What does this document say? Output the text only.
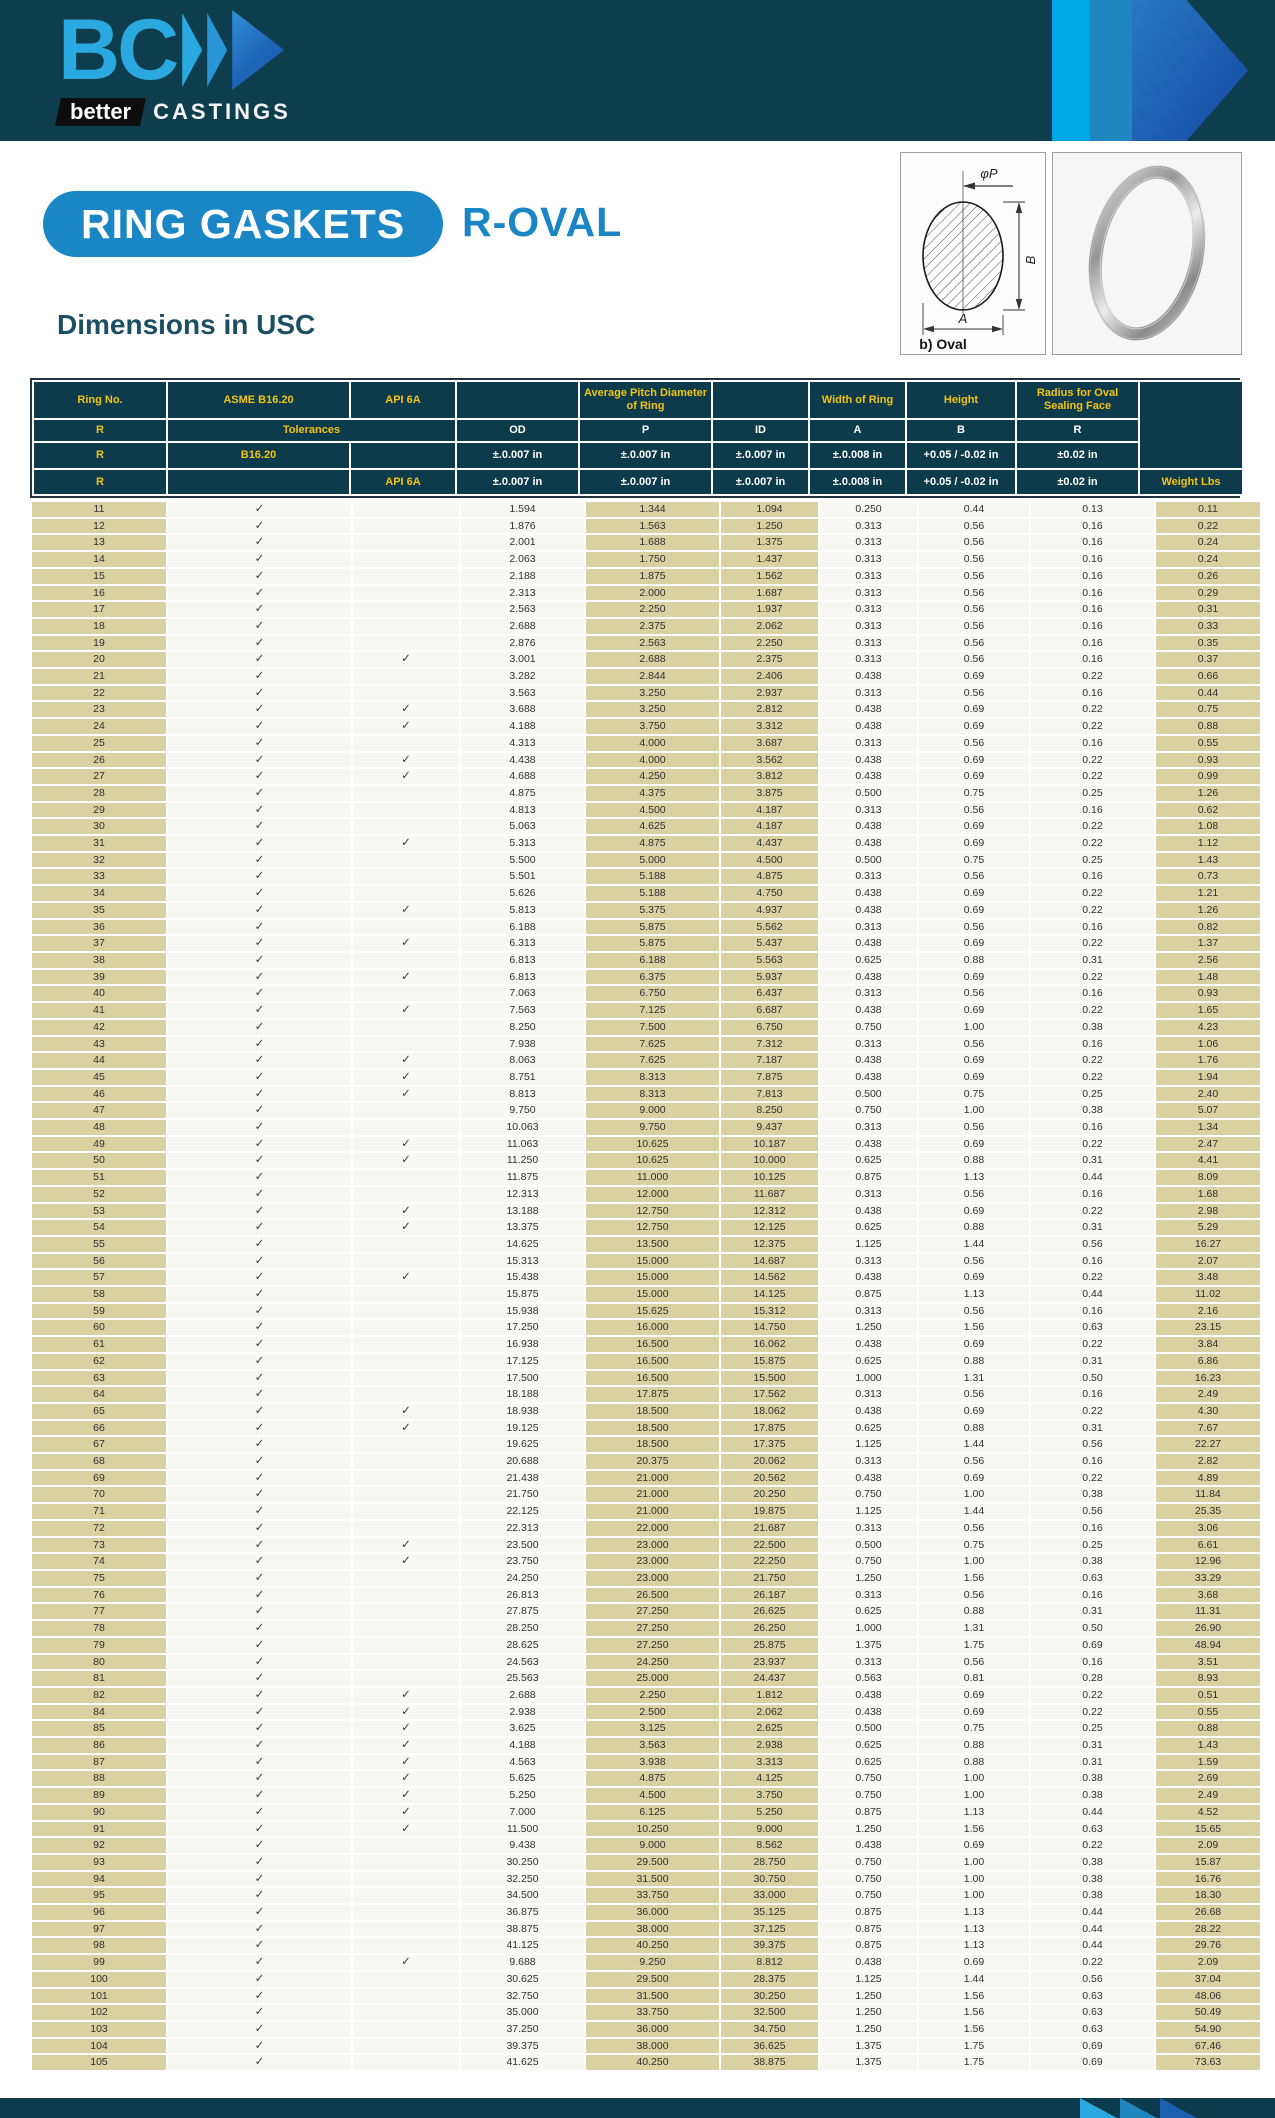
BC
better	CASTINGS
RING GASKETS	R-OVAL
Dimensions in USC
φP
B
A
b) Oval
Ring No.	ASME B16.20	API 6A		Average Pitch Diameter of Ring		Width of Ring	Height	Radius for Oval Sealing Face	
R	Tolerances		OD	P	ID	A	B	R	
R	B16.20		±.0.007 in	±.0.007 in	±.0.007 in	±.0.008 in	+0.05 / -0.02 in	±0.02 in	
R		API 6A	±.0.007 in	±.0.007 in	±.0.007 in	±.0.008 in	+0.05 / -0.02 in	±0.02 in	Weight Lbs
11	✓		1.594	1.344	1.094	0.250	0.44	0.13	0.11
12	✓		1.876	1.563	1.250	0.313	0.56	0.16	0.22
13	✓		2.001	1.688	1.375	0.313	0.56	0.16	0.24
14	✓		2.063	1.750	1.437	0.313	0.56	0.16	0.24
15	✓		2.188	1.875	1.562	0.313	0.56	0.16	0.26
16	✓		2.313	2.000	1.687	0.313	0.56	0.16	0.29
17	✓		2.563	2.250	1.937	0.313	0.56	0.16	0.31
18	✓		2.688	2.375	2.062	0.313	0.56	0.16	0.33
19	✓		2.876	2.563	2.250	0.313	0.56	0.16	0.35
20	✓	✓	3.001	2.688	2.375	0.313	0.56	0.16	0.37
21	✓		3.282	2.844	2.406	0.438	0.69	0.22	0.66
22	✓		3.563	3.250	2.937	0.313	0.56	0.16	0.44
23	✓	✓	3.688	3.250	2.812	0.438	0.69	0.22	0.75
24	✓	✓	4.188	3.750	3.312	0.438	0.69	0.22	0.88
25	✓		4.313	4.000	3.687	0.313	0.56	0.16	0.55
26	✓	✓	4.438	4.000	3.562	0.438	0.69	0.22	0.93
27	✓	✓	4.688	4.250	3.812	0.438	0.69	0.22	0.99
28	✓		4.875	4.375	3.875	0.500	0.75	0.25	1.26
29	✓		4.813	4.500	4.187	0.313	0.56	0.16	0.62
30	✓		5.063	4.625	4.187	0.438	0.69	0.22	1.08
31	✓	✓	5.313	4.875	4.437	0.438	0.69	0.22	1.12
32	✓		5.500	5.000	4.500	0.500	0.75	0.25	1.43
33	✓		5.501	5.188	4.875	0.313	0.56	0.16	0.73
34	✓		5.626	5.188	4.750	0.438	0.69	0.22	1.21
35	✓	✓	5.813	5.375	4.937	0.438	0.69	0.22	1.26
36	✓		6.188	5.875	5.562	0.313	0.56	0.16	0.82
37	✓	✓	6.313	5.875	5.437	0.438	0.69	0.22	1.37
38	✓		6.813	6.188	5.563	0.625	0.88	0.31	2.56
39	✓	✓	6.813	6.375	5.937	0.438	0.69	0.22	1.48
40	✓		7.063	6.750	6.437	0.313	0.56	0.16	0.93
41	✓	✓	7.563	7.125	6.687	0.438	0.69	0.22	1.65
42	✓		8.250	7.500	6.750	0.750	1.00	0.38	4.23
43	✓		7.938	7.625	7.312	0.313	0.56	0.16	1.06
44	✓	✓	8.063	7.625	7.187	0.438	0.69	0.22	1.76
45	✓	✓	8.751	8.313	7.875	0.438	0.69	0.22	1.94
46	✓	✓	8.813	8.313	7.813	0.500	0.75	0.25	2.40
47	✓		9.750	9.000	8.250	0.750	1.00	0.38	5.07
48	✓		10.063	9.750	9.437	0.313	0.56	0.16	1.34
49	✓	✓	11.063	10.625	10.187	0.438	0.69	0.22	2.47
50	✓	✓	11.250	10.625	10.000	0.625	0.88	0.31	4.41
51	✓		11.875	11.000	10.125	0.875	1.13	0.44	8.09
52	✓		12.313	12.000	11.687	0.313	0.56	0.16	1.68
53	✓	✓	13.188	12.750	12.312	0.438	0.69	0.22	2.98
54	✓	✓	13.375	12.750	12.125	0.625	0.88	0.31	5.29
55	✓		14.625	13.500	12.375	1.125	1.44	0.56	16.27
56	✓		15.313	15.000	14.687	0.313	0.56	0.16	2.07
57	✓	✓	15.438	15.000	14.562	0.438	0.69	0.22	3.48
58	✓		15.875	15.000	14.125	0.875	1.13	0.44	11.02
59	✓		15.938	15.625	15.312	0.313	0.56	0.16	2.16
60	✓		17.250	16.000	14.750	1.250	1.56	0.63	23.15
61	✓		16.938	16.500	16.062	0.438	0.69	0.22	3.84
62	✓		17.125	16.500	15.875	0.625	0.88	0.31	6.86
63	✓		17.500	16.500	15.500	1.000	1.31	0.50	16.23
64	✓		18.188	17.875	17.562	0.313	0.56	0.16	2.49
65	✓	✓	18.938	18.500	18.062	0.438	0.69	0.22	4.30
66	✓	✓	19.125	18.500	17.875	0.625	0.88	0.31	7.67
67	✓		19.625	18.500	17.375	1.125	1.44	0.56	22.27
68	✓		20.688	20.375	20.062	0.313	0.56	0.16	2.82
69	✓		21.438	21.000	20.562	0.438	0.69	0.22	4.89
70	✓		21.750	21.000	20.250	0.750	1.00	0.38	11.84
71	✓		22.125	21.000	19.875	1.125	1.44	0.56	25.35
72	✓		22.313	22.000	21.687	0.313	0.56	0.16	3.06
73	✓	✓	23.500	23.000	22.500	0.500	0.75	0.25	6.61
74	✓	✓	23.750	23.000	22.250	0.750	1.00	0.38	12.96
75	✓		24.250	23.000	21.750	1.250	1.56	0.63	33.29
76	✓		26.813	26.500	26.187	0.313	0.56	0.16	3.68
77	✓		27.875	27.250	26.625	0.625	0.88	0.31	11.31
78	✓		28.250	27.250	26.250	1.000	1.31	0.50	26.90
79	✓		28.625	27.250	25.875	1.375	1.75	0.69	48.94
80	✓		24.563	24.250	23.937	0.313	0.56	0.16	3.51
81	✓		25.563	25.000	24.437	0.563	0.81	0.28	8.93
82	✓	✓	2.688	2.250	1.812	0.438	0.69	0.22	0.51
84	✓	✓	2.938	2.500	2.062	0.438	0.69	0.22	0.55
85	✓	✓	3.625	3.125	2.625	0.500	0.75	0.25	0.88
86	✓	✓	4.188	3.563	2.938	0.625	0.88	0.31	1.43
87	✓	✓	4.563	3.938	3.313	0.625	0.88	0.31	1.59
88	✓	✓	5.625	4.875	4.125	0.750	1.00	0.38	2.69
89	✓	✓	5.250	4.500	3.750	0.750	1.00	0.38	2.49
90	✓	✓	7.000	6.125	5.250	0.875	1.13	0.44	4.52
91	✓	✓	11.500	10.250	9.000	1.250	1.56	0.63	15.65
92	✓		9.438	9.000	8.562	0.438	0.69	0.22	2.09
93	✓		30.250	29.500	28.750	0.750	1.00	0.38	15.87
94	✓		32.250	31.500	30.750	0.750	1.00	0.38	16.76
95	✓		34.500	33.750	33.000	0.750	1.00	0.38	18.30
96	✓		36.875	36.000	35.125	0.875	1.13	0.44	26.68
97	✓		38.875	38.000	37.125	0.875	1.13	0.44	28.22
98	✓		41.125	40.250	39.375	0.875	1.13	0.44	29.76
99	✓	✓	9.688	9.250	8.812	0.438	0.69	0.22	2.09
100	✓		30.625	29.500	28.375	1.125	1.44	0.56	37.04
101	✓		32.750	31.500	30.250	1.250	1.56	0.63	48.06
102	✓		35.000	33.750	32.500	1.250	1.56	0.63	50.49
103	✓		37.250	36.000	34.750	1.250	1.56	0.63	54.90
104	✓		39.375	38.000	36.625	1.375	1.75	0.69	67.46
105	✓		41.625	40.250	38.875	1.375	1.75	0.69	73.63
